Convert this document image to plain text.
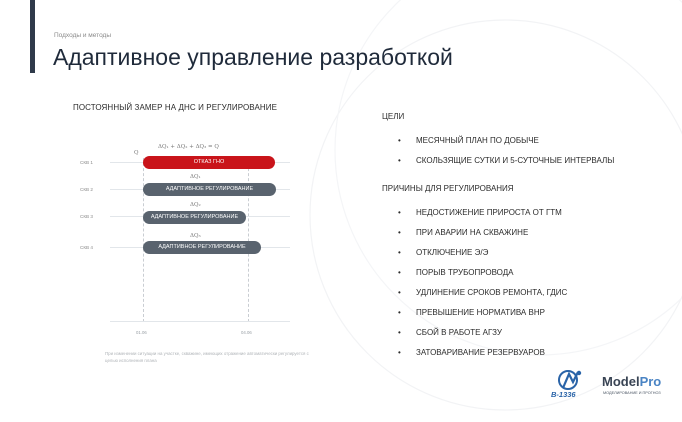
Подходы и методы
Адаптивное управление разработкой
ПОСТОЯННЫЙ ЗАМЕР НА ДНС И РЕГУЛИРОВАНИЕ
Q
ΔQ₁ + ΔQ₂ + ΔQ₃ = Q
СКВ 1	ОТКАЗ ГНО
ΔQ₁
СКВ 2	АДАПТИВНОЕ РЕГУЛИРОВАНИЕ
ΔQ₂
СКВ 3	АДАПТИВНОЕ РЕГУЛИРОВАНИЕ
ΔQ₃
СКВ 4	АДАПТИВНОЕ РЕГУЛИРОВАНИЕ
01.06	04.06
При изменении ситуации на участке, скважине, имеющих отражение автоматически регулируется с целью исполнения плана
ЦЕЛИ
• МЕСЯЧНЫЙ ПЛАН ПО ДОБЫЧЕ
• СКОЛЬЗЯЩИЕ СУТКИ И 5-СУТОЧНЫЕ ИНТЕРВАЛЫ
ПРИЧИНЫ ДЛЯ РЕГУЛИРОВАНИЯ
• НЕДОСТИЖЕНИЕ ПРИРОСТА ОТ ГТМ
• ПРИ АВАРИИ НА СКВАЖИНЕ
• ОТКЛЮЧЕНИЕ Э/Э
• ПОРЫВ ТРУБОПРОВОДА
• УДЛИНЕНИЕ СРОКОВ РЕМОНТА, ГДИС
• ПРЕВЫШЕНИЕ НОРМАТИВА ВНР
• СБОЙ В РАБОТЕ АГЗУ
• ЗАТОВАРИВАНИЕ РЕЗЕРВУАРОВ
В-1336
ModelPro
МОДЕЛИРОВАНИЕ И ПРОГНОЗ
